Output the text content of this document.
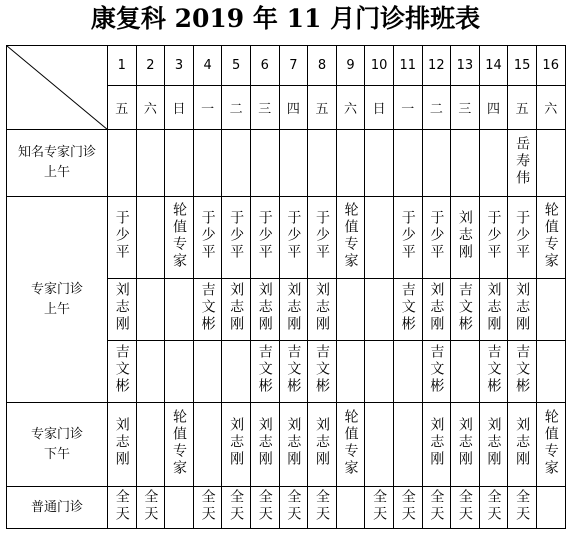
康复科 2019 年 11 月门诊排班表
	1	2	3	4	5	6	7	8	9	10	11	12	13	14	15	16
	五	六	日	一	二	三	四	五	六	日	一	二	三	四	五	六

知名专家门诊
上午															岳寿伟	

专家门诊
上午	于少平		轮值专家	于少平	于少平	于少平	于少平	于少平	轮值专家		于少平	于少平	刘志刚	于少平	于少平	轮值专家
	刘志刚			吉文彬	刘志刚	刘志刚	刘志刚	刘志刚			吉文彬	刘志刚	吉文彬	刘志刚	刘志刚	
	吉文彬					吉文彬	吉文彬	吉文彬				吉文彬		吉文彬	吉文彬	

专家门诊
下午	刘志刚		轮值专家		刘志刚	刘志刚	刘志刚	刘志刚	轮值专家			刘志刚	刘志刚	刘志刚	刘志刚	轮值专家
普通门诊	全天	全天		全天	全天	全天	全天	全天		全天	全天	全天	全天	全天	全天	
